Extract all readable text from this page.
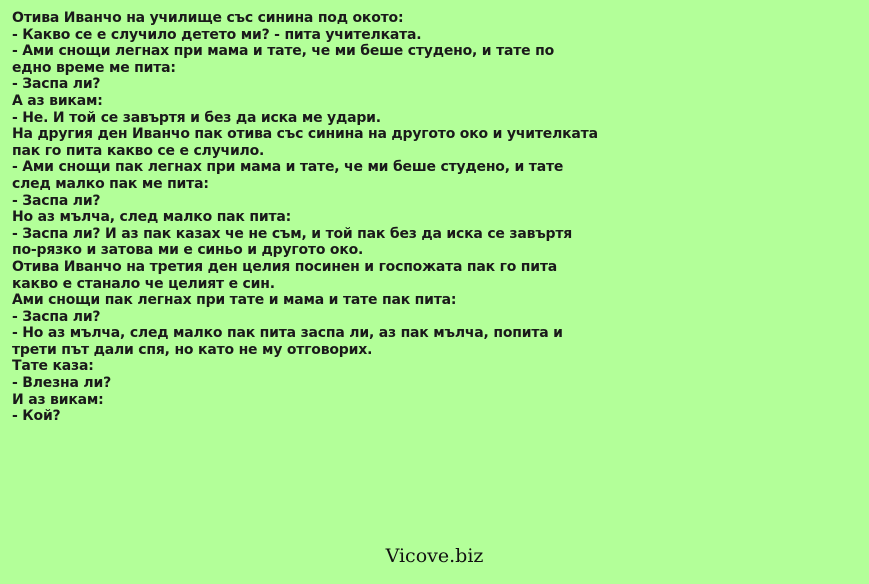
Отива Иванчо на училище със синина под окото:
- Какво се е случило детето ми? - пита учителката.
- Ами снощи легнах при мама и тате, че ми беше студено, и тате по
едно време ме пита:
- Заспа ли?
А аз викам:
- Не. И той се завъртя и без да иска ме удари.
На другия ден Иванчо пак отива със синина на другото око и учителката
пак го пита какво се е случило.
- Ами снощи пак легнах при мама и тате, че ми беше студено, и тате
след малко пак ме пита:
- Заспа ли?
Но аз мълча, след малко пак пита:
- Заспа ли? И аз пак казах че не съм, и той пак без да иска се завъртя
по-рязко и затова ми е синьо и другото око.
Отива Иванчо на третия ден целия посинен и госпожата пак го пита
какво е станало че целият е син.
Ами снощи пак легнах при тате и мама и тате пак пита:
- Заспа ли?
- Но аз мълча, след малко пак пита заспа ли, аз пак мълча, попита и
трети път дали спя, но като не му отговорих.
Тате каза:
- Влезна ли?
И аз викам:
- Кой?
Vicove.biz
